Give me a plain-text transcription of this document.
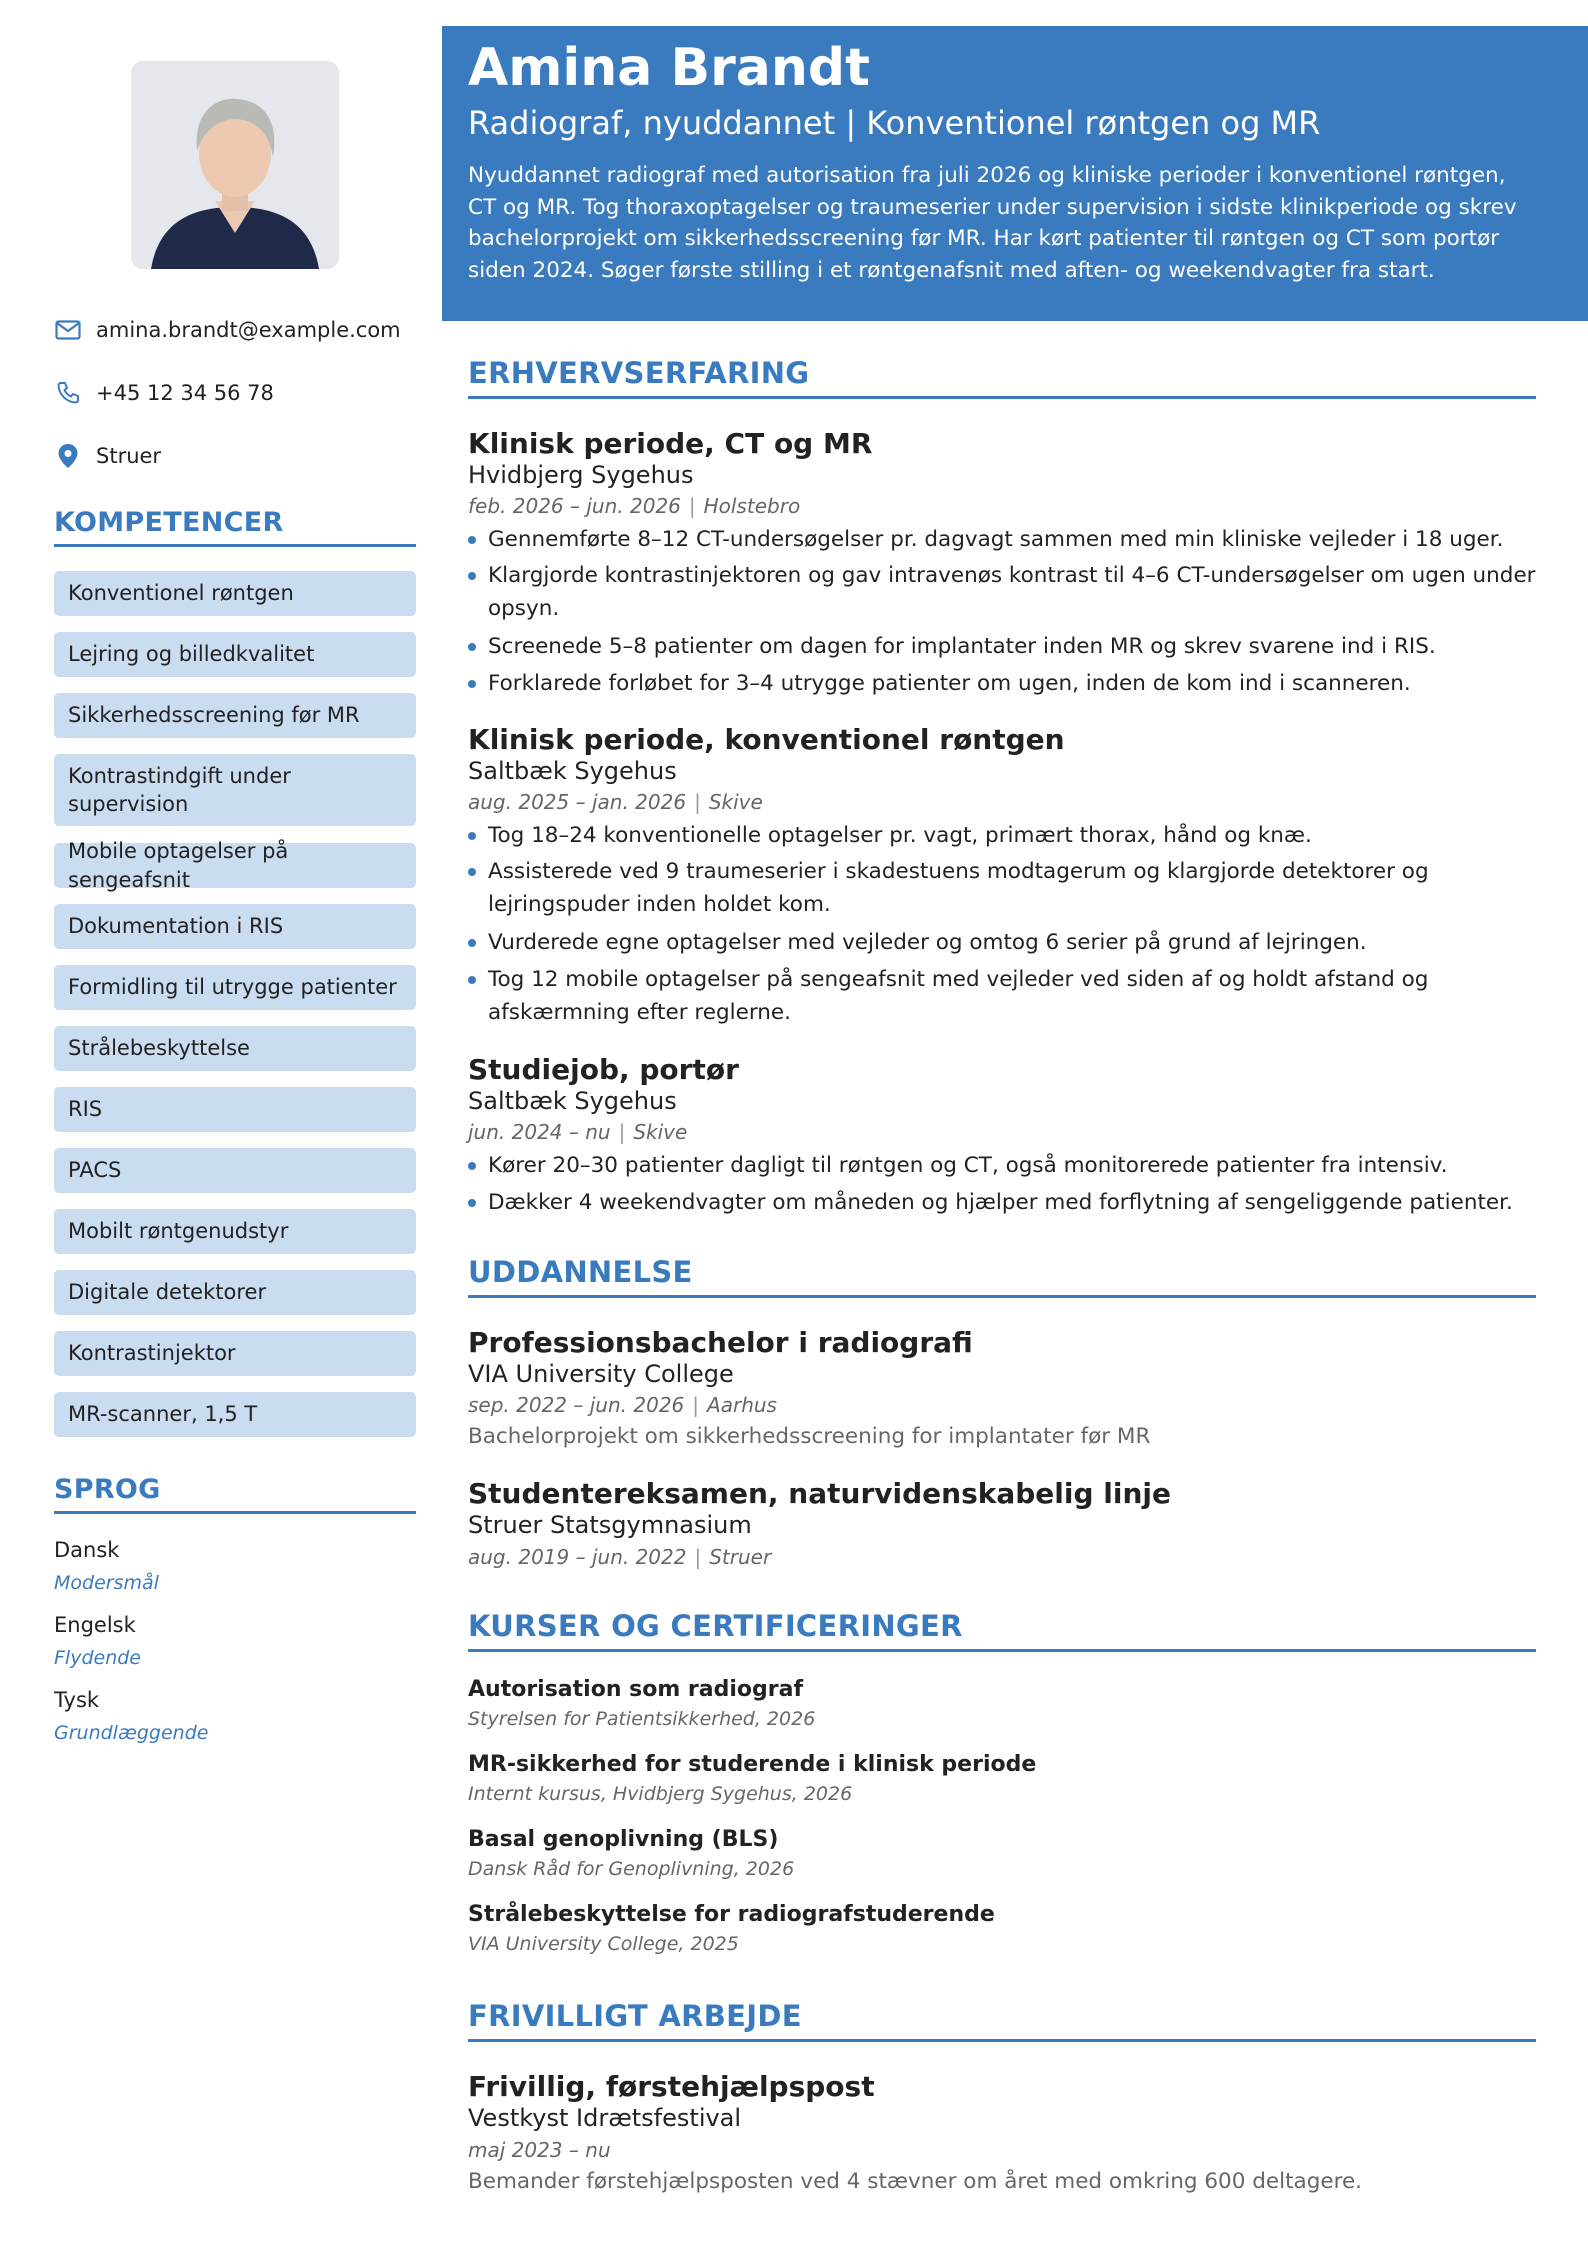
amina.brandt@example.com
+45 12 34 56 78
Struer
KOMPETENCER
Konventionel røntgen
Lejring og billedkvalitet
Sikkerhedsscreening før MR
Kontrastindgift under supervision
Mobile optagelser på sengeafsnit
Dokumentation i RIS
Formidling til utrygge patienter
Strålebeskyttelse
RIS
PACS
Mobilt røntgenudstyr
Digitale detektorer
Kontrastinjektor
MR-scanner, 1,5 T
SPROG
Dansk
Modersmål
Engelsk
Flydende
Tysk
Grundlæggende
Amina Brandt
Radiograf, nyuddannet | Konventionel røntgen og MR
Nyuddannet radiograf med autorisation fra juli 2026 og kliniske perioder i konventionel røntgen, CT og MR. Tog thoraxoptagelser og traumeserier under supervision i sidste klinikperiode og skrev bachelorprojekt om sikkerhedsscreening før MR. Har kørt patienter til røntgen og CT som portør siden 2024. Søger første stilling i et røntgenafsnit med aften- og weekendvagter fra start.
ERHVERVSERFARING
Klinisk periode, CT og MR
Hvidbjerg Sygehus
feb. 2026 – jun. 2026 | Holstebro
Gennemførte 8–12 CT-undersøgelser pr. dagvagt sammen med min kliniske vejleder i 18 uger.
Klargjorde kontrastinjektoren og gav intravenøs kontrast til 4–6 CT-undersøgelser om ugen under opsyn.
Screenede 5–8 patienter om dagen for implantater inden MR og skrev svarene ind i RIS.
Forklarede forløbet for 3–4 utrygge patienter om ugen, inden de kom ind i scanneren.
Klinisk periode, konventionel røntgen
Saltbæk Sygehus
aug. 2025 – jan. 2026 | Skive
Tog 18–24 konventionelle optagelser pr. vagt, primært thorax, hånd og knæ.
Assisterede ved 9 traumeserier i skadestuens modtagerum og klargjorde detektorer og lejringspuder inden holdet kom.
Vurderede egne optagelser med vejleder og omtog 6 serier på grund af lejringen.
Tog 12 mobile optagelser på sengeafsnit med vejleder ved siden af og holdt afstand og afskærmning efter reglerne.
Studiejob, portør
Saltbæk Sygehus
jun. 2024 – nu | Skive
Kører 20–30 patienter dagligt til røntgen og CT, også monitorerede patienter fra intensiv.
Dækker 4 weekendvagter om måneden og hjælper med forflytning af sengeliggende patienter.
UDDANNELSE
Professionsbachelor i radiografi
VIA University College
sep. 2022 – jun. 2026 | Aarhus
Bachelorprojekt om sikkerhedsscreening for implantater før MR
Studentereksamen, naturvidenskabelig linje
Struer Statsgymnasium
aug. 2019 – jun. 2022 | Struer
KURSER OG CERTIFICERINGER
Autorisation som radiograf
Styrelsen for Patientsikkerhed, 2026
MR-sikkerhed for studerende i klinisk periode
Internt kursus, Hvidbjerg Sygehus, 2026
Basal genoplivning (BLS)
Dansk Råd for Genoplivning, 2026
Strålebeskyttelse for radiografstuderende
VIA University College, 2025
FRIVILLIGT ARBEJDE
Frivillig, førstehjælpspost
Vestkyst Idrætsfestival
maj 2023 – nu
Bemander førstehjælpsposten ved 4 stævner om året med omkring 600 deltagere.
